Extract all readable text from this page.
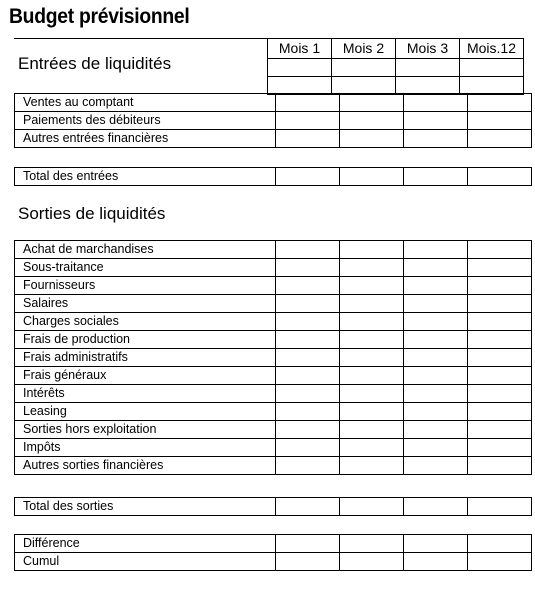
Budget prévisionnel
Mois 1	Mois 2	Mois 3	Mois.12

Entrées de liquidités
Ventes au comptant				
Paiements des débiteurs				
Autres entrées financières				
Total des entrées				
Sorties de liquidités
Achat de marchandises				
Sous-traitance				
Fournisseurs				
Salaires				
Charges sociales				
Frais de production				
Frais administratifs				
Frais généraux				
Intérêts				
Leasing				
Sorties hors exploitation				
Impôts				
Autres sorties financières				
Total des sorties				
Différence				
Cumul				
